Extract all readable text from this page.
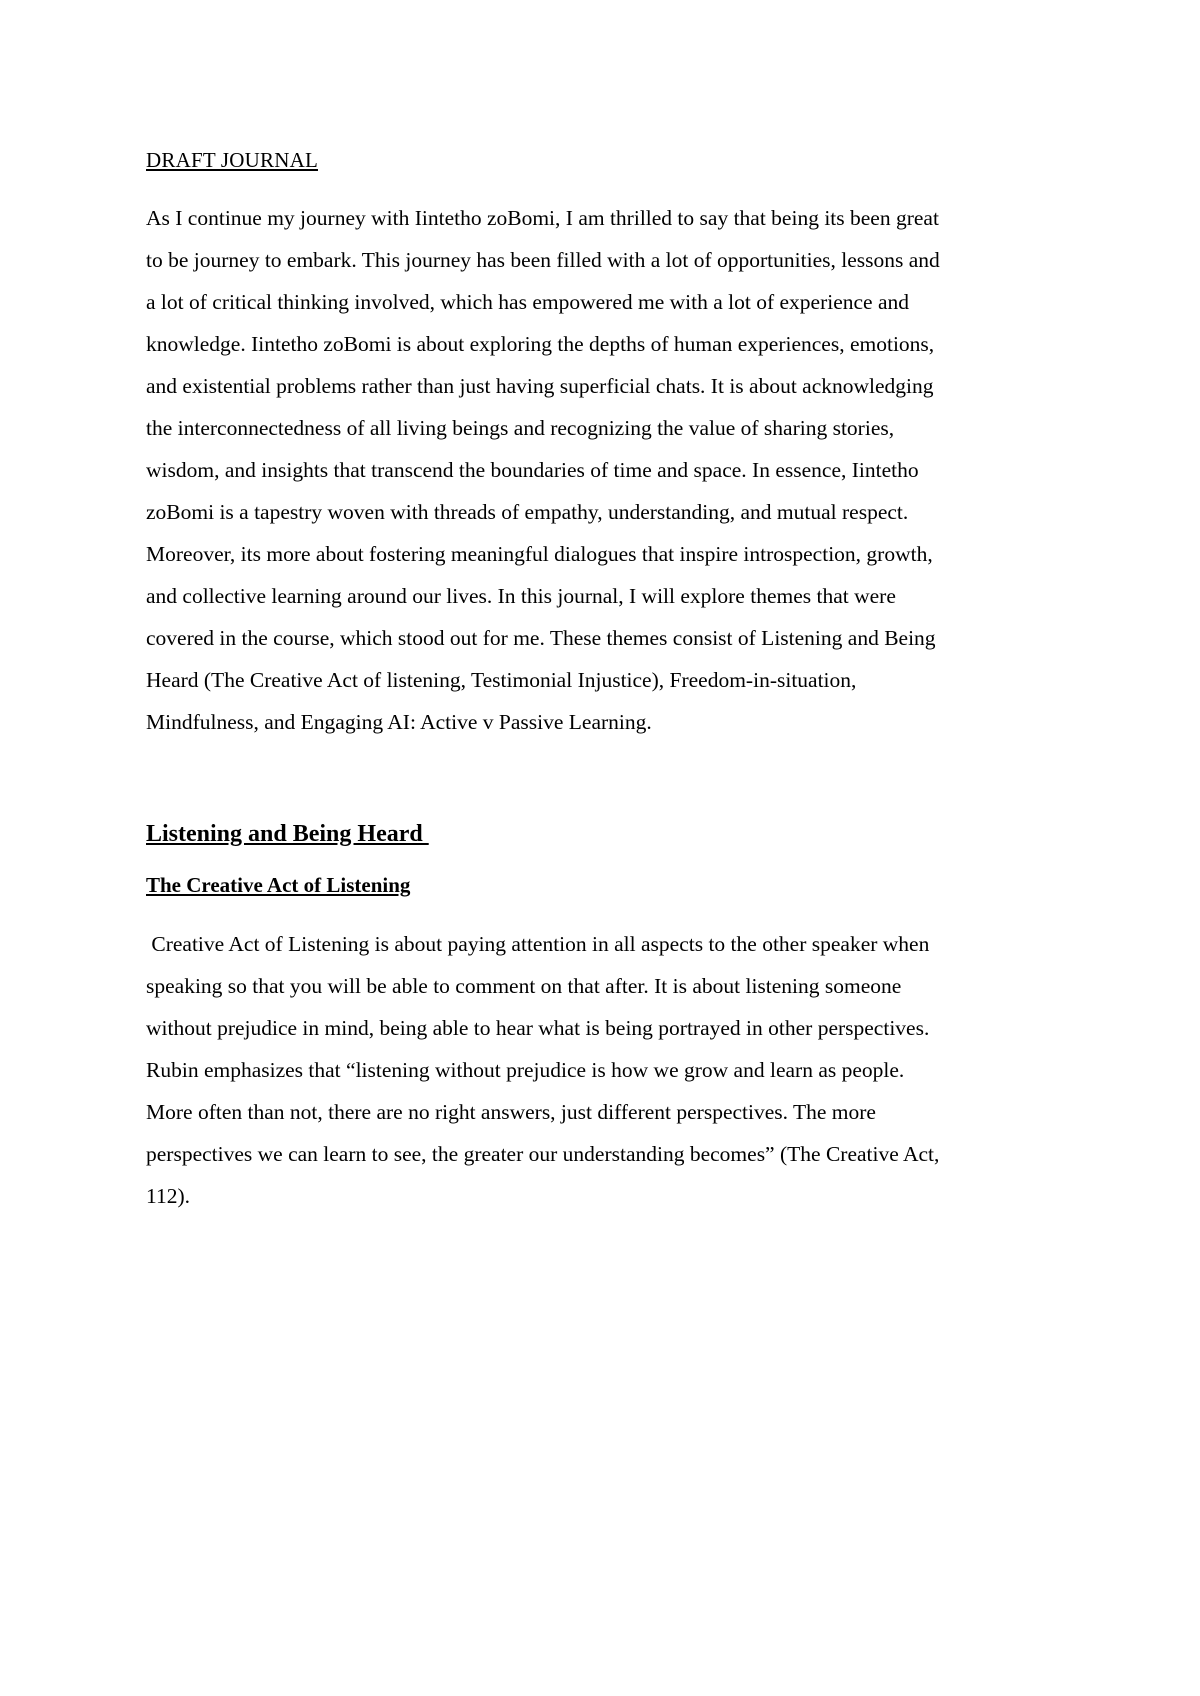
DRAFT JOURNAL
As I continue my journey with Iintetho zoBomi, I am thrilled to say that being its been great
to be journey to embark. This journey has been filled with a lot of opportunities, lessons and
a lot of critical thinking involved, which has empowered me with a lot of experience and
knowledge. Iintetho zoBomi is about exploring the depths of human experiences, emotions,
and existential problems rather than just having superficial chats. It is about acknowledging
the interconnectedness of all living beings and recognizing the value of sharing stories,
wisdom, and insights that transcend the boundaries of time and space. In essence, Iintetho
zoBomi is a tapestry woven with threads of empathy, understanding, and mutual respect.
Moreover, its more about fostering meaningful dialogues that inspire introspection, growth,
and collective learning around our lives. In this journal, I will explore themes that were
covered in the course, which stood out for me. These themes consist of Listening and Being
Heard (The Creative Act of listening, Testimonial Injustice), Freedom-in-situation,
Mindfulness, and Engaging AI: Active v Passive Learning.
Listening and Being Heard
The Creative Act of Listening
Creative Act of Listening is about paying attention in all aspects to the other speaker when
speaking so that you will be able to comment on that after. It is about listening someone
without prejudice in mind, being able to hear what is being portrayed in other perspectives.
Rubin emphasizes that “listening without prejudice is how we grow and learn as people.
More often than not, there are no right answers, just different perspectives. The more
perspectives we can learn to see, the greater our understanding becomes” (The Creative Act,
112).
